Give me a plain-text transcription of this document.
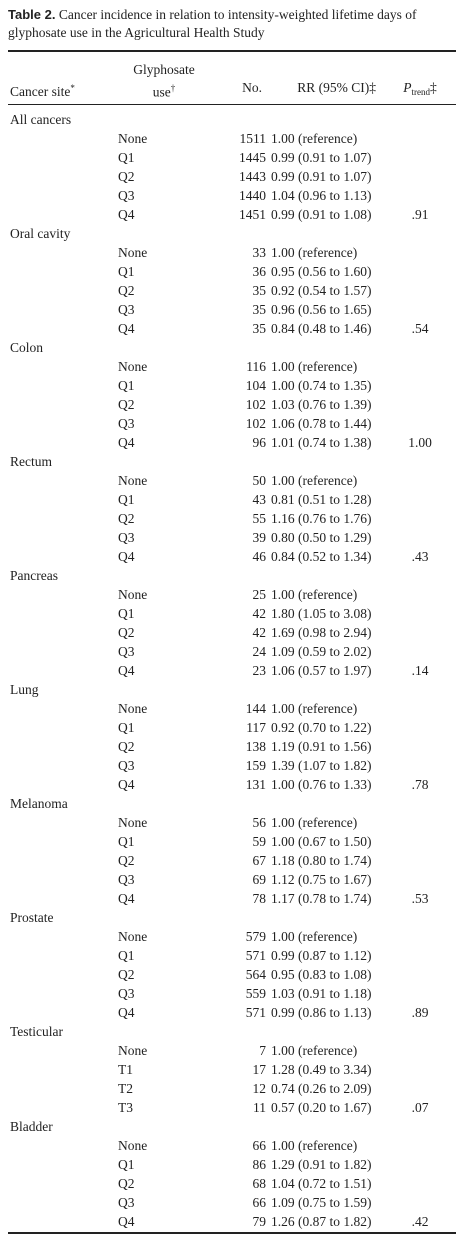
Table 2. Cancer incidence in relation to intensity-weighted lifetime days of glyphosate use in the Agricultural Health Study
Cancer site*
Glyphosate
use†	No.	RR (95% CI)‡	$P_{trend}\ddagger$
All cancers
None	1511 1.00 (reference)
Q1	1445 0.99 (0.91 to 1.07)
Q2	1443 0.99 (0.91 to 1.07)
Q3	1440 1.04 (0.96 to 1.13)
Q4	1451 0.99 (0.91 to 1.08)	.91
Oral cavity
None	33 1.00 (reference)
Q1	36 0.95 (0.56 to 1.60)
Q2	35 0.92 (0.54 to 1.57)
Q3	35 0.96 (0.56 to 1.65)
Q4	35 0.84 (0.48 to 1.46)	.54
Colon
None	116 1.00 (reference)
Q1	104 1.00 (0.74 to 1.35)
Q2	102 1.03 (0.76 to 1.39)
Q3	102 1.06 (0.78 to 1.44)
Q4	96 1.01 (0.74 to 1.38)	1.00
Rectum
None	50 1.00 (reference)
Q1	43 0.81 (0.51 to 1.28)
Q2	55 1.16 (0.76 to 1.76)
Q3	39 0.80 (0.50 to 1.29)
Q4	46 0.84 (0.52 to 1.34)	.43
Pancreas
None	25 1.00 (reference)
Q1	42 1.80 (1.05 to 3.08)
Q2	42 1.69 (0.98 to 2.94)
Q3	24 1.09 (0.59 to 2.02)
Q4	23 1.06 (0.57 to 1.97)	.14
Lung
None	144 1.00 (reference)
Q1	117 0.92 (0.70 to 1.22)
Q2	138 1.19 (0.91 to 1.56)
Q3	159 1.39 (1.07 to 1.82)
Q4	131 1.00 (0.76 to 1.33)	.78
Melanoma
None	56 1.00 (reference)
Q1	59 1.00 (0.67 to 1.50)
Q2	67 1.18 (0.80 to 1.74)
Q3	69 1.12 (0.75 to 1.67)
Q4	78 1.17 (0.78 to 1.74)	.53
Prostate
None	579 1.00 (reference)
Q1	571 0.99 (0.87 to 1.12)
Q2	564 0.95 (0.83 to 1.08)
Q3	559 1.03 (0.91 to 1.18)
Q4	571 0.99 (0.86 to 1.13)	.89
Testicular
None	7 1.00 (reference)
T1	17 1.28 (0.49 to 3.34)
T2	12 0.74 (0.26 to 2.09)
T3	11 0.57 (0.20 to 1.67)	.07
Bladder
None	66 1.00 (reference)
Q1	86 1.29 (0.91 to 1.82)
Q2	68 1.04 (0.72 to 1.51)
Q3	66 1.09 (0.75 to 1.59)
Q4	79 1.26 (0.87 to 1.82)	.42
